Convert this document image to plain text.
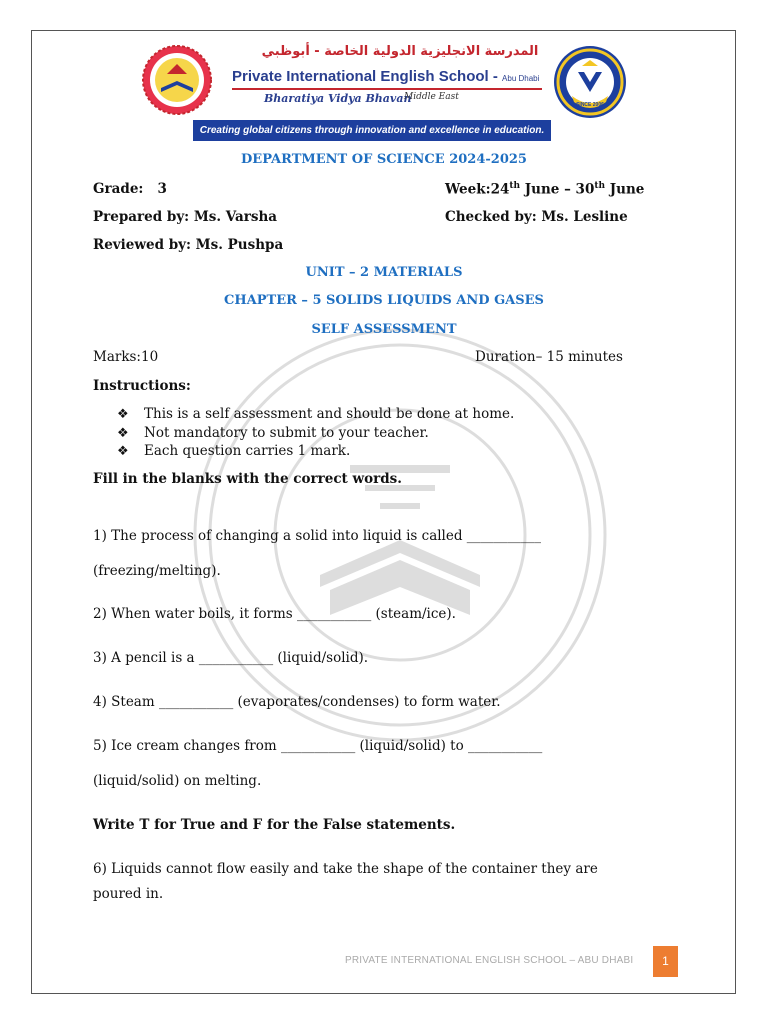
المدرسة الانجليزية الدولية الخاصة - أبوظبي
Private International English School - Abu Dhabi
Bharatiya Vidya Bhavan
Middle East
SINCE 2006
Creating global citizens through innovation and excellence in education.
DEPARTMENT OF SCIENCE 2024-2025
Grade: 3	Week:24th June – 30th June
Prepared by: Ms. Varsha	Checked by: Ms. Lesline
Reviewed by: Ms. Pushpa
UNIT – 2 MATERIALS
CHAPTER – 5 SOLIDS LIQUIDS AND GASES
SELF ASSESSMENT
Marks:10	Duration– 15 minutes
Instructions:
❖ This is a self assessment and should be done at home.
❖ Not mandatory to submit to your teacher.
❖ Each question carries 1 mark.
Fill in the blanks with the correct words.
1) The process of changing a solid into liquid is called ___________
(freezing/melting).
2) When water boils, it forms ___________ (steam/ice).
3) A pencil is a ___________ (liquid/solid).
4) Steam ___________ (evaporates/condenses) to form water.
5) Ice cream changes from ___________ (liquid/solid) to ___________
(liquid/solid) on melting.
Write T for True and F for the False statements.
6) Liquids cannot flow easily and take the shape of the container they are
poured in.
PRIVATE INTERNATIONAL ENGLISH SCHOOL – ABU DHABI	1
